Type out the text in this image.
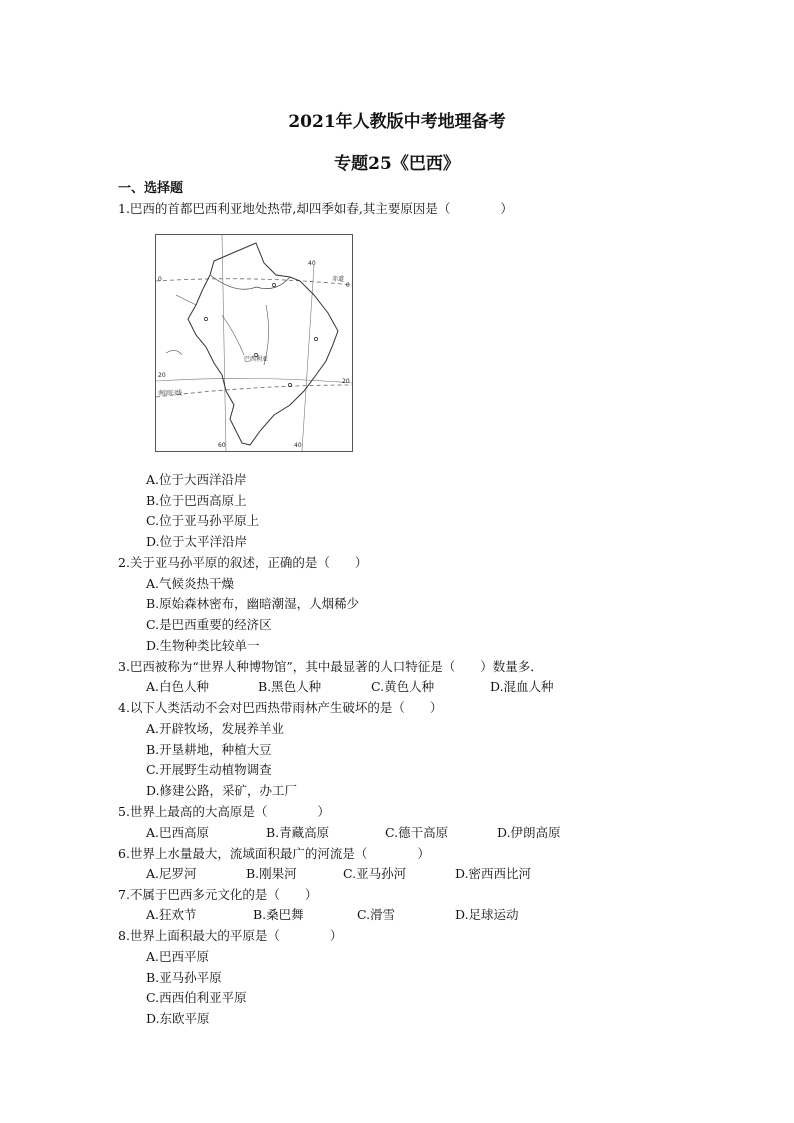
2021年人教版中考地理备考
专题25《巴西》
一、选择题
1.巴西的首都巴西利亚地处热带,却四季如春,其主要原因是（　　　　）
巴西利亚
赤道
南回归线
40
60	40
0
0
20
20
A.位于大西洋沿岸
B.位于巴西高原上
C.位于亚马孙平原上
D.位于太平洋沿岸
2.关于亚马孙平原的叙述，正确的是（　　）
A.气候炎热干燥
B.原始森林密布，幽暗潮湿，人烟稀少
C.是巴西重要的经济区
D.生物种类比较单一
3.巴西被称为“世界人种博物馆”，其中最显著的人口特征是（　　）数量多．
A.白色人种	B.黑色人种	C.黄色人种	D.混血人种
4.以下人类活动不会对巴西热带雨林产生破坏的是（　　）
A.开辟牧场，发展养羊业
B.开垦耕地，种植大豆
C.开展野生动植物调查
D.修建公路，采矿，办工厂
5.世界上最高的大高原是（　　　　）
A.巴西高原	B.青藏高原	C.德干高原	D.伊朗高原
6.世界上水量最大，流域面积最广的河流是（　　　　）
A.尼罗河	B.刚果河	C.亚马孙河	D.密西西比河
7.不属于巴西多元文化的是（　　）
A.狂欢节	B.桑巴舞	C.滑雪	D.足球运动
8.世界上面积最大的平原是（　　　　）
A.巴西平原
B.亚马孙平原
C.西西伯利亚平原
D.东欧平原
